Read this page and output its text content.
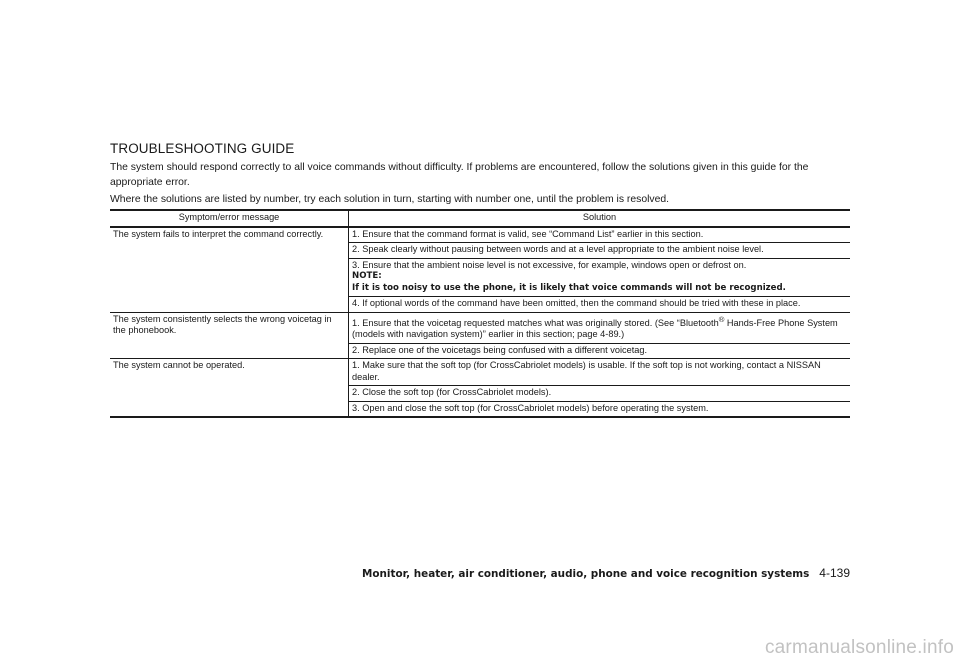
TROUBLESHOOTING GUIDE

The system should respond correctly to all voice commands without difficulty. If problems are encountered, follow the solutions given in this guide for the appropriate error.

Where the solutions are listed by number, try each solution in turn, starting with number one, until the problem is resolved.

Symptom/error message	Solution
The system fails to interpret the command correctly.	1. Ensure that the command format is valid, see “Command List” earlier in this section.
	2. Speak clearly without pausing between words and at a level appropriate to the ambient noise level.

	3. Ensure that the ambient noise level is not excessive, for example, windows open or defrost on.
NOTE:
If it is too noisy to use the phone, it is likely that voice commands will not be recognized.

	4. If optional words of the command have been omitted, then the command should be tried with these in place.
The system consistently selects the wrong voicetag in the phonebook.	1. Ensure that the voicetag requested matches what was originally stored. (See “Bluetooth® Hands-Free Phone System (models with navigation system)” earlier in this section; page 4-89.)
	2. Replace one of the voicetags being confused with a different voicetag.
The system cannot be operated.	1. Make sure that the soft top (for CrossCabriolet models) is usable. If the soft top is not working, contact a NISSAN dealer.
	2. Close the soft top (for CrossCabriolet models).
	3. Open and close the soft top (for CrossCabriolet models) before operating the system.
Monitor, heater, air conditioner, audio, phone and voice recognition systems 4-139
carmanualsonline.info
